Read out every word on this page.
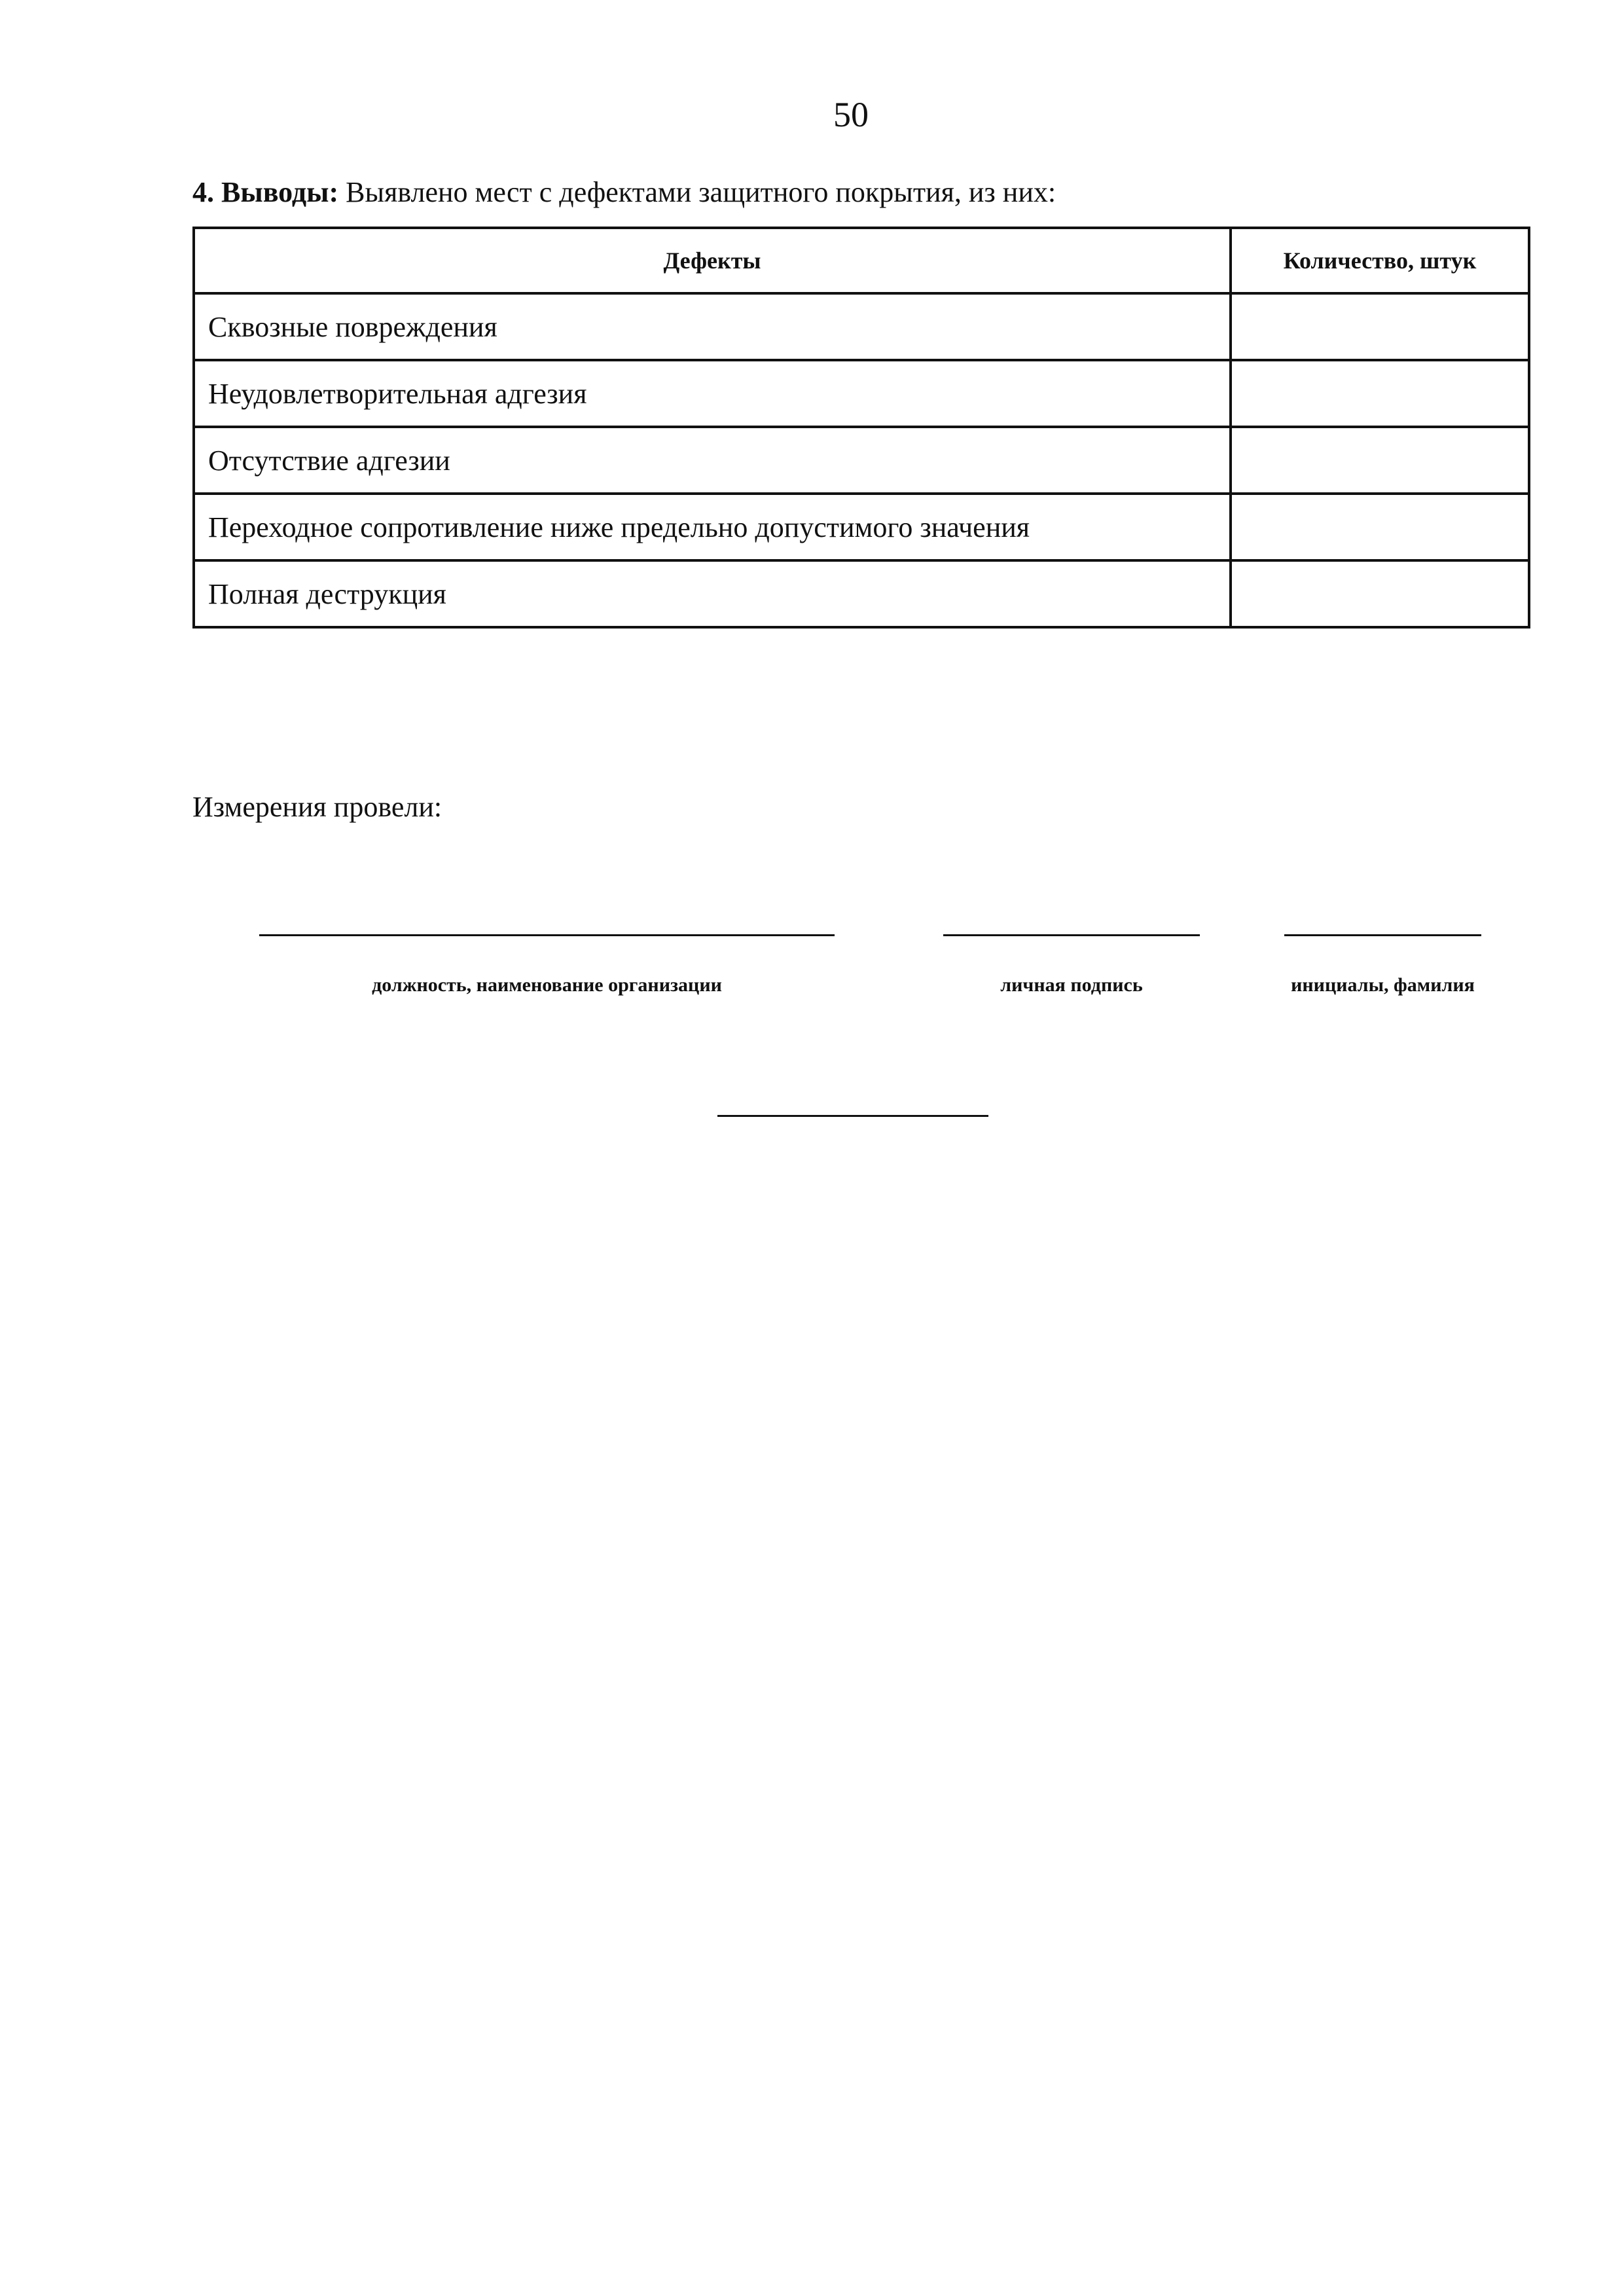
50
4. Выводы: Выявлено мест с дефектами защитного покрытия, из них:
Дефекты	Количество, штук
Сквозные повреждения	
Неудовлетворительная адгезия	
Отсутствие адгезии	
Переходное сопротивление ниже предельно допустимого значения	
Полная деструкция	
Измерения провели:
должность, наименование организации	личная подпись	инициалы, фамилия
